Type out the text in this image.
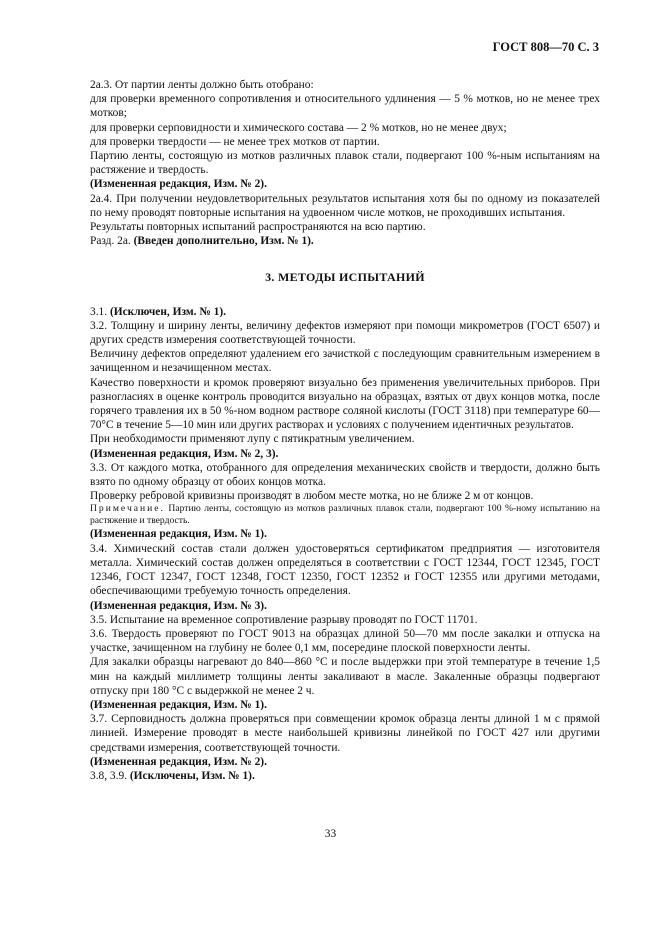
ГОСТ 808—70 С. 3

2а.3. От партии ленты должно быть отобрано:

для проверки временного сопротивления и относительного удлинения — 5 % мотков, но не менее трех мотков;

для проверки серповидности и химического состава — 2 % мотков, но не менее двух;

для проверки твердости — не менее трех мотков от партии.

Партию ленты, состоящую из мотков различных плавок стали, подвергают 100 %-ным испытаниям на растяжение и твердость.

(Измененная редакция, Изм. № 2).

2а.4. При получении неудовлетворительных результатов испытания хотя бы по одному из показателей по нему проводят повторные испытания на удвоенном числе мотков, не проходивших испытания.

Результаты повторных испытаний распространяются на всю партию.

Разд. 2а. (Введен дополнительно, Изм. № 1).

3. МЕТОДЫ ИСПЫТАНИЙ

3.1. (Исключен, Изм. № 1).

3.2. Толщину и ширину ленты, величину дефектов измеряют при помощи микрометров (ГОСТ 6507) и других средств измерения соответствующей точности.

Величину дефектов определяют удалением его зачисткой с последующим сравнительным измерением в зачищенном и незачищенном местах.

Качество поверхности и кромок проверяют визуально без применения увеличительных приборов. При разногласиях в оценке контроль проводится визуально на образцах, взятых от двух концов мотка, после горячего травления их в 50 %-ном водном растворе соляной кислоты (ГОСТ 3118) при температуре 60—70°С в течение 5—10 мин или других растворах и условиях с получением идентичных результатов.

При необходимости применяют лупу с пятикратным увеличением.

(Измененная редакция, Изм. № 2, 3).

3.3. От каждого мотка, отобранного для определения механических свойств и твердости, должно быть взято по одному образцу от обоих концов мотка.

Проверку ребровой кривизны производят в любом месте мотка, но не ближе 2 м от концов.

Примечание. Партию ленты, состоящую из мотков различных плавок стали, подвергают 100 %-ному испытанию на растяжение и твердость.

(Измененная редакция, Изм. № 1).

3.4. Химический состав стали должен удостоверяться сертификатом предприятия — изготовителя металла. Химический состав должен определяться в соответствии с ГОСТ 12344, ГОСТ 12345, ГОСТ 12346, ГОСТ 12347, ГОСТ 12348, ГОСТ 12350, ГОСТ 12352 и ГОСТ 12355 или другими методами, обеспечивающими требуемую точность определения.

(Измененная редакция, Изм. № 3).

3.5. Испытание на временное сопротивление разрыву проводят по ГОСТ 11701.

3.6. Твердость проверяют по ГОСТ 9013 на образцах длиной 50—70 мм после закалки и отпуска на участке, зачищенном на глубину не более 0,1 мм, посередине плоской поверхности ленты.

Для закалки образцы нагревают до 840—860 °С и после выдержки при этой температуре в течение 1,5 мин на каждый миллиметр толщины ленты закаливают в масле. Закаленные образцы подвергают отпуску при 180 °С с выдержкой не менее 2 ч.

(Измененная редакция, Изм. № 1).

3.7. Серповидность должна проверяться при совмещении кромок образца ленты длиной 1 м с прямой линией. Измерение проводят в месте наибольшей кривизны линейкой по ГОСТ 427 или другими средствами измерения, соответствующей точности.

(Измененная редакция, Изм. № 2).

3.8, 3.9. (Исключены, Изм. № 1).

33
